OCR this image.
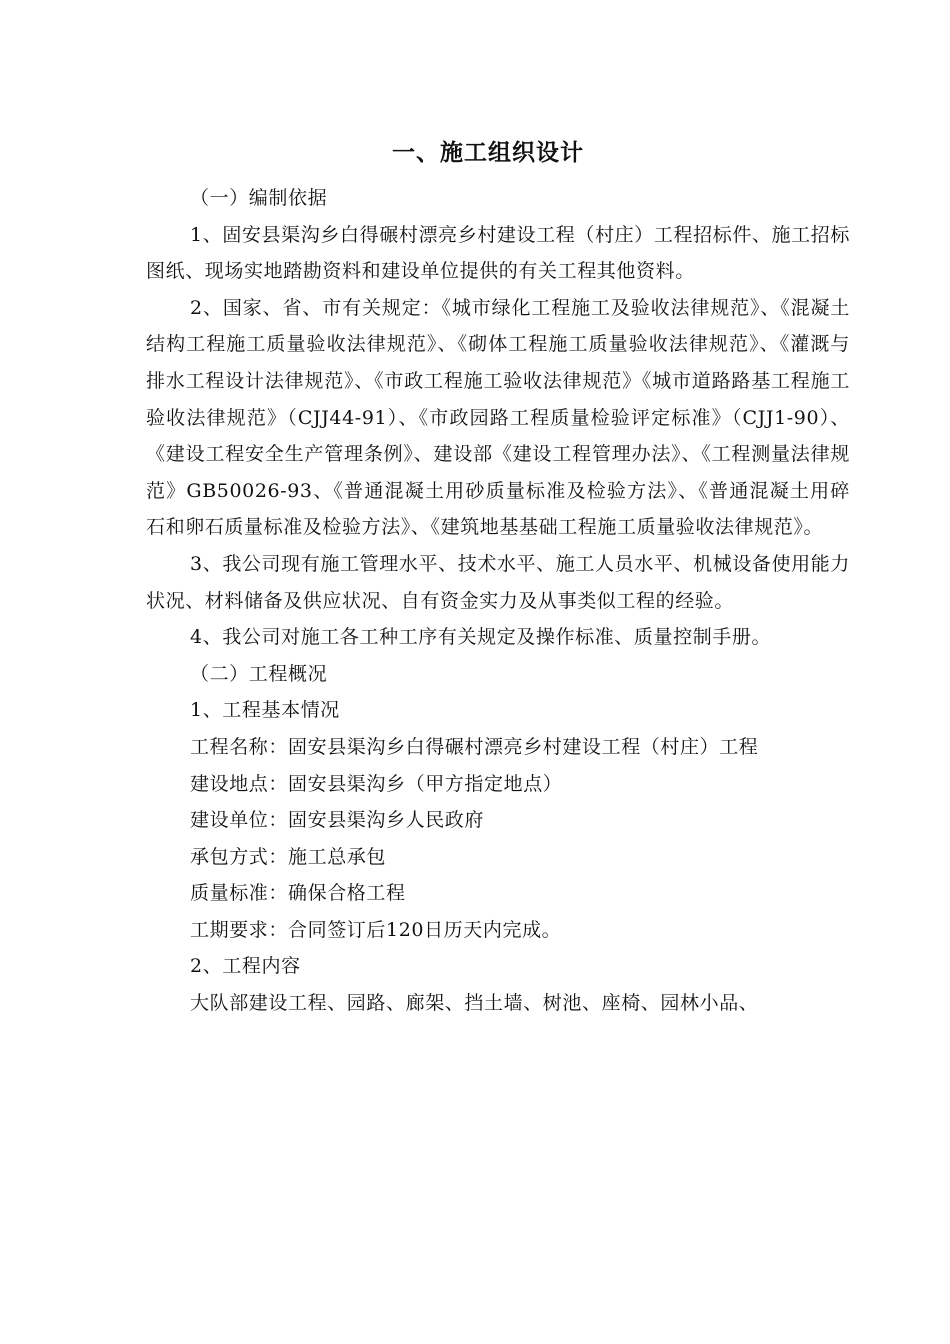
一、施工组织设计

（一）编制依据

1、固安县渠沟乡白得碾村漂亮乡村建设工程（村庄）工程招标件、施工招标图纸、现场实地踏勘资料和建设单位提供的有关工程其他资料。

2、国家、省、市有关规定：《城市绿化工程施工及验收法律规范》、《混凝土结构工程施工质量验收法律规范》、《砌体工程施工质量验收法律规范》、《灌溉与排水工程设计法律规范》、《市政工程施工验收法律规范》《城市道路路基工程施工验收法律规范》（CJJ44-91）、《市政园路工程质量检验评定标准》（CJJ1-90）、《建设工程安全生产管理条例》、建设部《建设工程管理办法》、《工程测量法律规范》GB50026-93、《普通混凝土用砂质量标准及检验方法》、《普通混凝土用碎石和卵石质量标准及检验方法》、《建筑地基基础工程施工质量验收法律规范》。

3、我公司现有施工管理水平、技术水平、施工人员水平、机械设备使用能力状况、材料储备及供应状况、自有资金实力及从事类似工程的经验。

4、我公司对施工各工种工序有关规定及操作标准、质量控制手册。

（二）工程概况

1、工程基本情况

工程名称：固安县渠沟乡白得碾村漂亮乡村建设工程（村庄）工程

建设地点：固安县渠沟乡（甲方指定地点）

建设单位：固安县渠沟乡人民政府

承包方式：施工总承包

质量标准：确保合格工程

工期要求：合同签订后120日历天内完成。

2、工程内容

大队部建设工程、园路、廊架、挡土墙、树池、座椅、园林小品、
